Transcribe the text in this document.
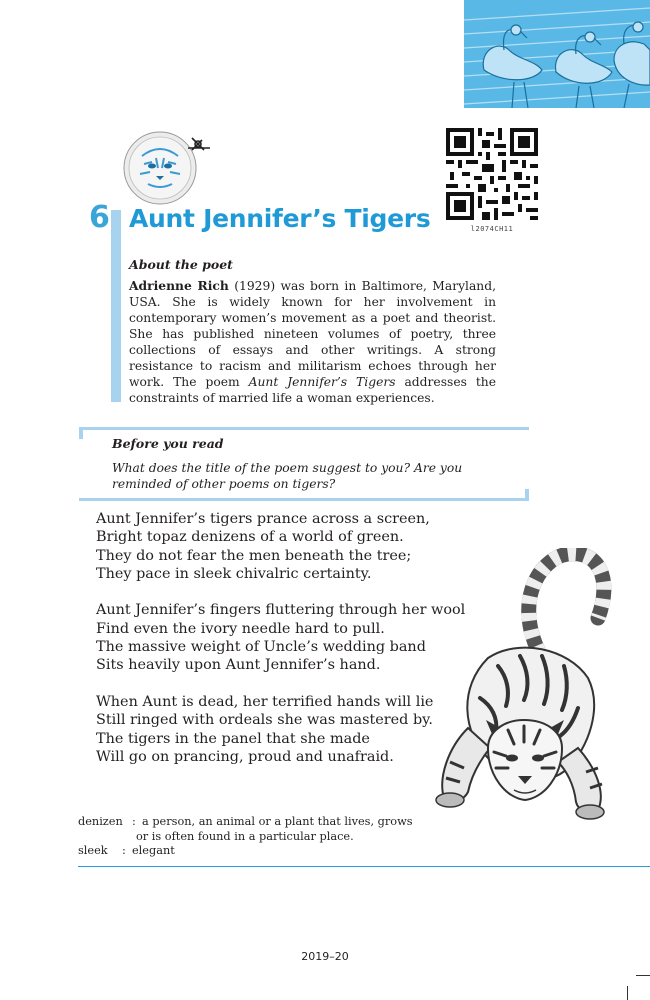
l2074CH11
6 Aunt Jennifer’s Tigers
About the poet

Adrienne Rich (1929) was born in Baltimore, Maryland, USA. She is widely known for her involvement in contemporary women’s movement as a poet and theorist. She has published nineteen volumes of poetry, three collections of essays and other writings. A strong resistance to racism and militarism echoes through her work. The poem Aunt Jennifer’s Tigers addresses the constraints of married life a woman experiences.

Before you read
What does the title of the poem suggest to you? Are you
reminded of other poems on tigers?
Aunt Jennifer’s tigers prance across a screen,
Bright topaz denizens of a world of green.
They do not fear the men beneath the tree;
They pace in sleek chivalric certainty.
Aunt Jennifer’s fingers fluttering through her wool
Find even the ivory needle hard to pull.
The massive weight of Uncle’s wedding band
Sits heavily upon Aunt Jennifer’s hand.
When Aunt is dead, her terrified hands will lie
Still ringed with ordeals she was mastered by.
The tigers in the panel that she made
Will go on prancing, proud and unafraid.
denizen : a person, an animal or a plant that lives, grows
or is often found in a particular place.
sleek : elegant
2019–20
